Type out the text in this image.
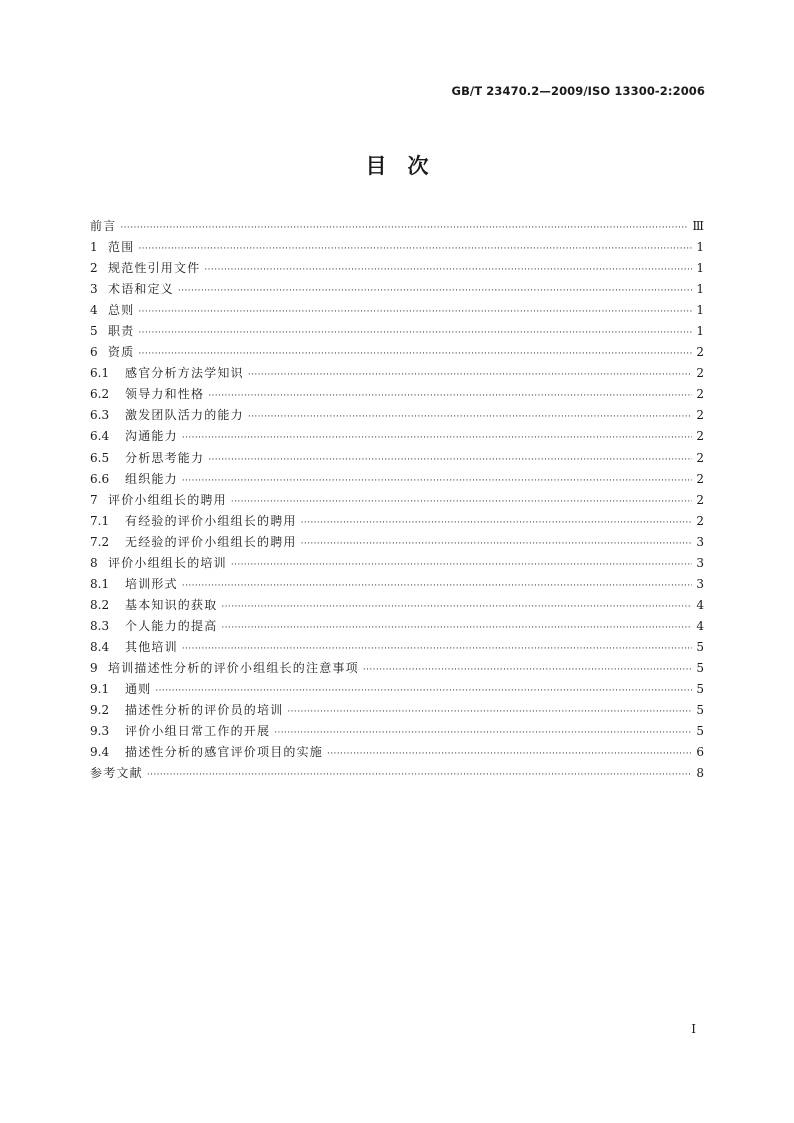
GB/T 23470.2—2009/ISO 13300-2:2006
目　次
前言 ·····	Ⅲ
1 范围 ·····	1
2 规范性引用文件 ·····	1
3 术语和定义 ·····	1
4 总则 ·····	1
5 职责 ·····	1
6 资质 ·····	2
6.1	感官分析方法学知识 ·····	2
6.2	领导力和性格 ·····	2
6.3	激发团队活力的能力 ·····	2
6.4	沟通能力 ·····	2
6.5	分析思考能力 ·····	2
6.6	组织能力 ·····	2
7 评价小组组长的聘用 ·····	2
7.1	有经验的评价小组组长的聘用 ·····	2
7.2	无经验的评价小组组长的聘用 ·····	3
8 评价小组组长的培训 ·····	3
8.1	培训形式 ·····	3
8.2	基本知识的获取 ·····	4
8.3	个人能力的提高 ·····	4
8.4	其他培训 ·····	5
9 培训描述性分析的评价小组组长的注意事项 ·····	5
9.1	通则 ·····	5
9.2	描述性分析的评价员的培训 ·····	5
9.3	评价小组日常工作的开展 ·····	5
9.4	描述性分析的感官评价项目的实施 ·····	6
参考文献 ·····	8
I
